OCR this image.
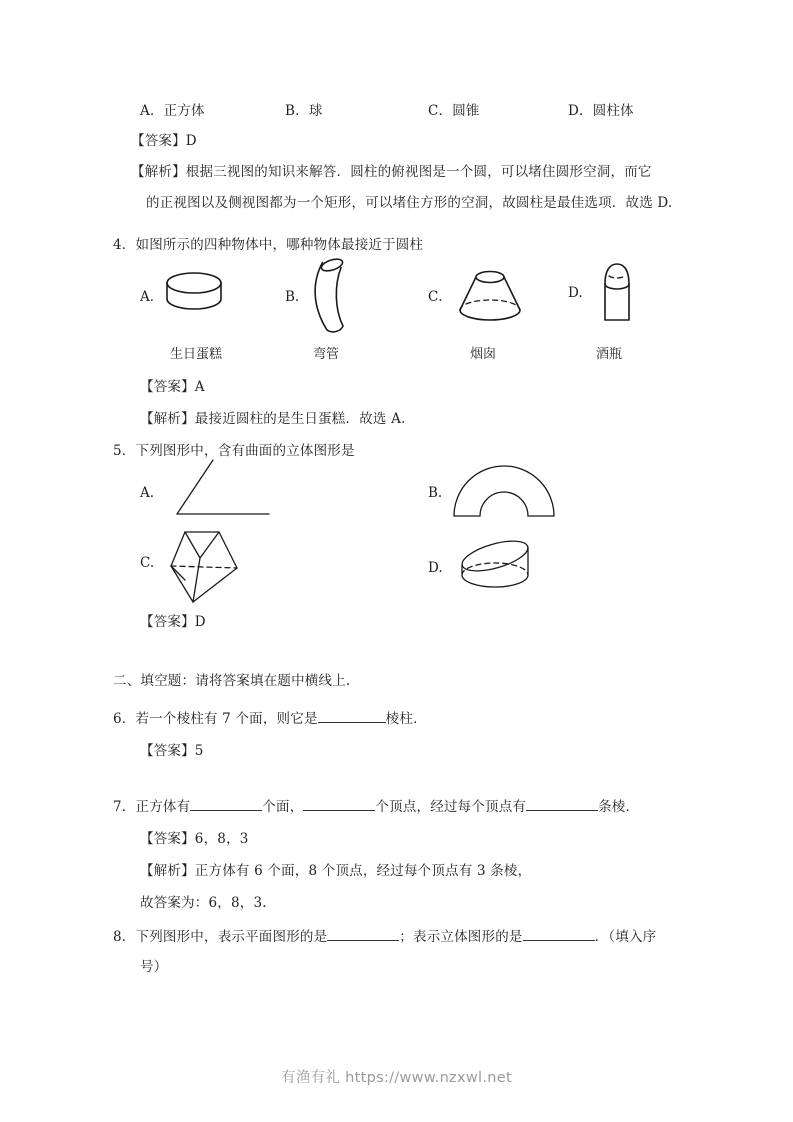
A．正方体	B．球	C．圆锥	D．圆柱体
【答案】D
【解析】根据三视图的知识来解答．圆柱的俯视图是一个圆，可以堵住圆形空洞，而它
的正视图以及侧视图都为一个矩形，可以堵住方形的空洞，故圆柱是最佳选项．故选 D.
4．如图所示的四种物体中，哪种物体最接近于圆柱
A．	B．	C．	D.
生日蛋糕	弯管	烟囱	酒瓶
【答案】A
【解析】最接近圆柱的是生日蛋糕．故选 A.
5．下列图形中，含有曲面的立体图形是
A.	B.
C.	D.
【答案】D
二、填空题：请将答案填在题中横线上.
6．若一个棱柱有 7 个面，则它是	棱柱．
【答案】5
7．正方体有	个面，	个顶点，经过每个顶点有	条棱．
【答案】6，8，3
【解析】正方体有 6 个面，8 个顶点，经过每个顶点有 3 条棱，
故答案为：6，8，3.
8．下列图形中，表示平面图形的是	；表示立体图形的是	．（填入序
号）
有渔有礼 https://www.nzxwl.net
